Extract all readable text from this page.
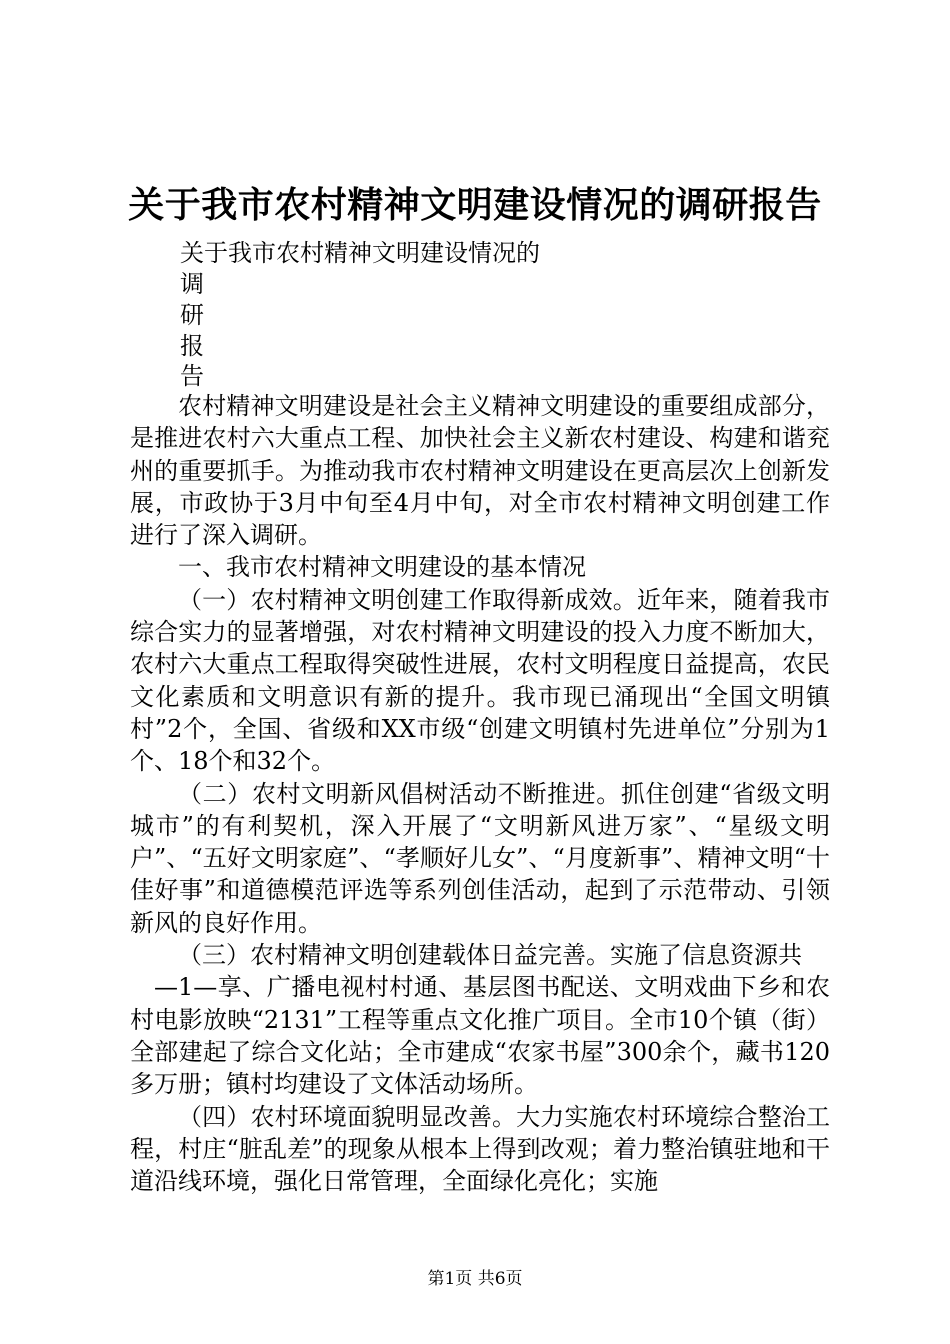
关于我市农村精神文明建设情况的调研报告
关于我市农村精神文明建设情况的
调
研
报
告

农村精神文明建设是社会主义精神文明建设的重要组成部分，是推进农村六大重点工程、加快社会主义新农村建设、构建和谐兖州的重要抓手。为推动我市农村精神文明建设在更高层次上创新发展，市政协于3月中旬至4月中旬，对全市农村精神文明创建工作进行了深入调研。

一、我市农村精神文明建设的基本情况

（一）农村精神文明创建工作取得新成效。近年来，随着我市综合实力的显著增强，对农村精神文明建设的投入力度不断加大，农村六大重点工程取得突破性进展，农村文明程度日益提高，农民文化素质和文明意识有新的提升。我市现已涌现出“全国文明镇村”2个，全国、省级和XX市级“创建文明镇村先进单位”分别为1个、18个和32个。

（二）农村文明新风倡树活动不断推进。抓住创建“省级文明城市”的有利契机，深入开展了“文明新风进万家”、“星级文明户”、“五好文明家庭”、“孝顺好儿女”、“月度新事”、精神文明“十佳好事”和道德模范评选等系列创佳活动，起到了示范带动、引领新风的良好作用。

（三）农村精神文明创建载体日益完善。实施了信息资源共

—1—享、广播电视村村通、基层图书配送、文明戏曲下乡和农村电影放映“2131”工程等重点文化推广项目。全市10个镇（街）全部建起了综合文化站；全市建成“农家书屋”300余个，藏书120多万册；镇村均建设了文体活动场所。

（四）农村环境面貌明显改善。大力实施农村环境综合整治工程，村庄“脏乱差”的现象从根本上得到改观；着力整治镇驻地和干道沿线环境，强化日常管理，全面绿化亮化；实施

第1页 共6页
